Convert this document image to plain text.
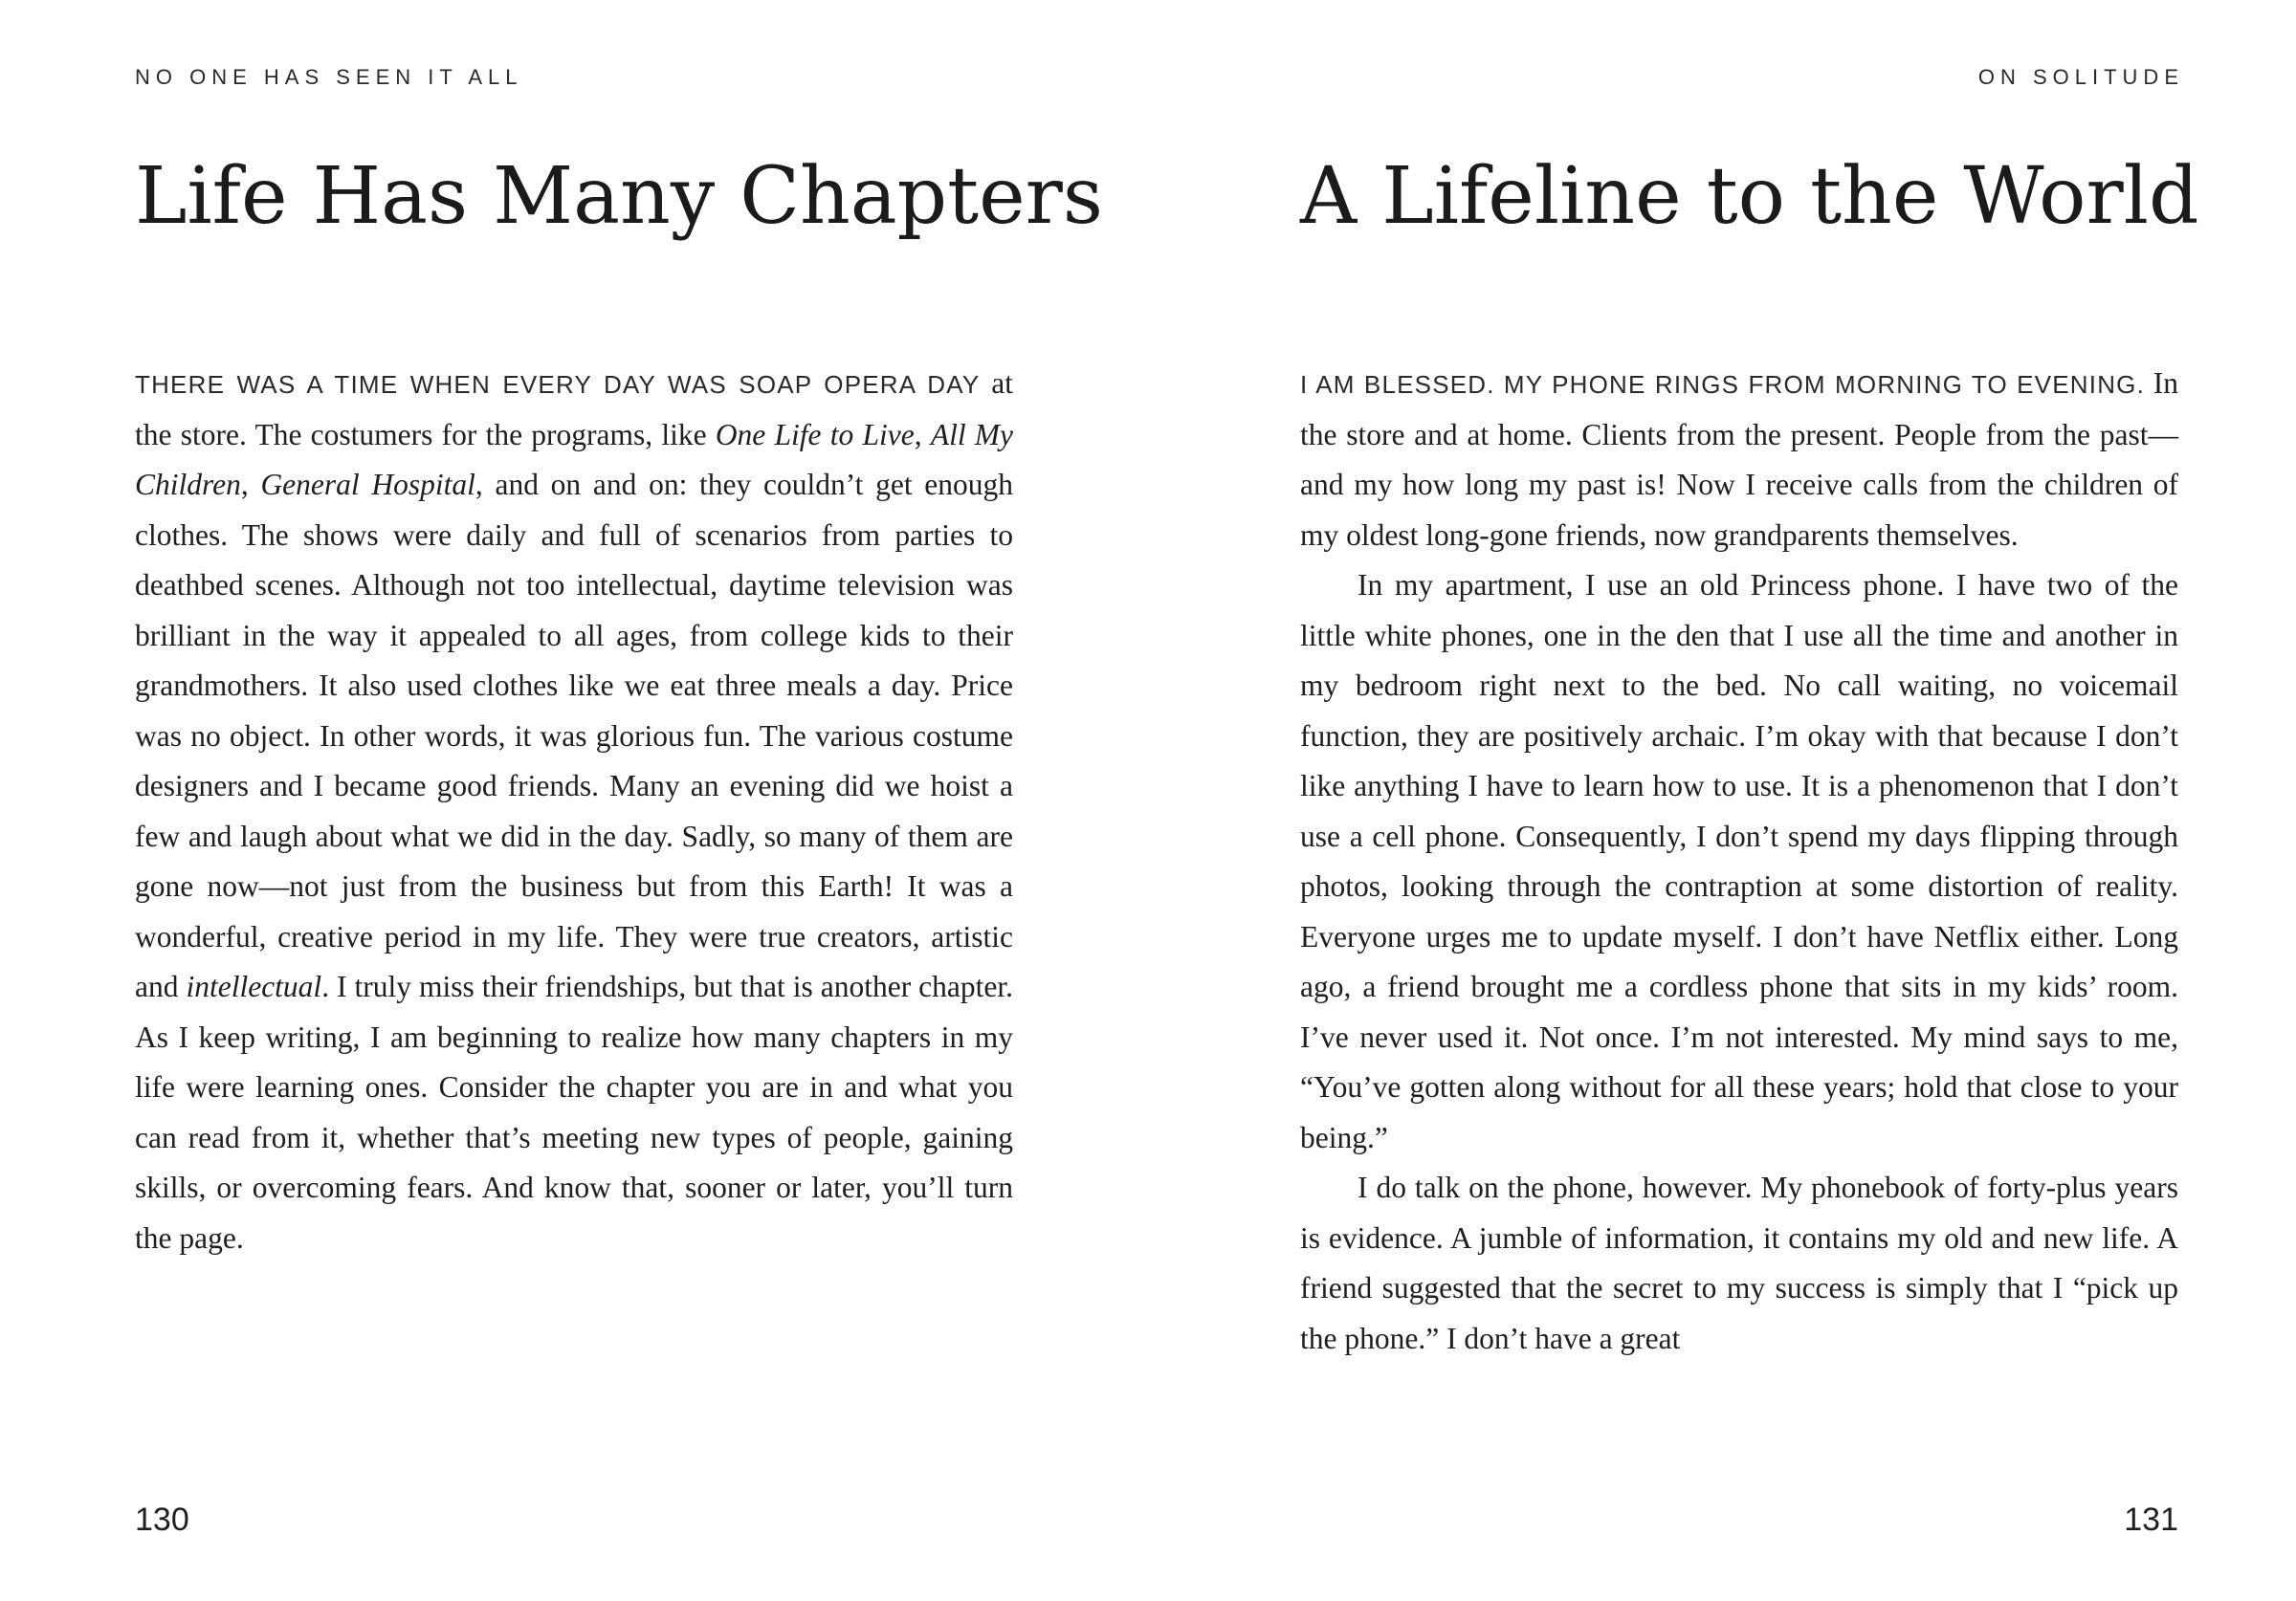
NO ONE HAS SEEN IT ALL
Life Has Many Chapters

THERE WAS A TIME WHEN EVERY DAY WAS SOAP OPERA DAY at the store. The costumers for the programs, like One Life to Live, All My Children, General Hospital, and on and on: they couldn’t get enough clothes. The shows were daily and full of scenarios from parties to deathbed scenes. Although not too intellectual, daytime television was brilliant in the way it appealed to all ages, from college kids to their grandmothers. It also used clothes like we eat three meals a day. Price was no object. In other words, it was glorious fun. The various costume designers and I became good friends. Many an evening did we hoist a few and laugh about what we did in the day. Sadly, so many of them are gone now—not just from the business but from this Earth! It was a wonderful, creative period in my life. They were true creators, artistic and intellectual. I truly miss their friendships, but that is another chapter. As I keep writing, I am beginning to realize how many chapters in my life were learning ones. Consider the chapter you are in and what you can read from it, whether that’s meeting new types of people, gaining skills, or overcoming fears. And know that, sooner or later, you’ll turn the page.

130
ON SOLITUDE
A Lifeline to the World

I AM BLESSED. MY PHONE RINGS FROM MORNING TO EVENING. In the store and at home. Clients from the present. People from the past—and my how long my past is! Now I receive calls from the children of my oldest long-gone friends, now grandparents themselves.

In my apartment, I use an old Princess phone. I have two of the little white phones, one in the den that I use all the time and another in my bedroom right next to the bed. No call waiting, no voicemail function, they are positively archaic. I’m okay with that because I don’t like anything I have to learn how to use. It is a phenomenon that I don’t use a cell phone. Consequently, I don’t spend my days flipping through photos, looking through the contraption at some distortion of reality. Everyone urges me to update myself. I don’t have Netflix either. Long ago, a friend brought me a cordless phone that sits in my kids’ room. I’ve never used it. Not once. I’m not interested. My mind says to me, “You’ve gotten along without for all these years; hold that close to your being.”

I do talk on the phone, however. My phonebook of forty-plus years is evidence. A jumble of information, it contains my old and new life. A friend suggested that the secret to my success is simply that I “pick up the phone.” I don’t have a great

131
